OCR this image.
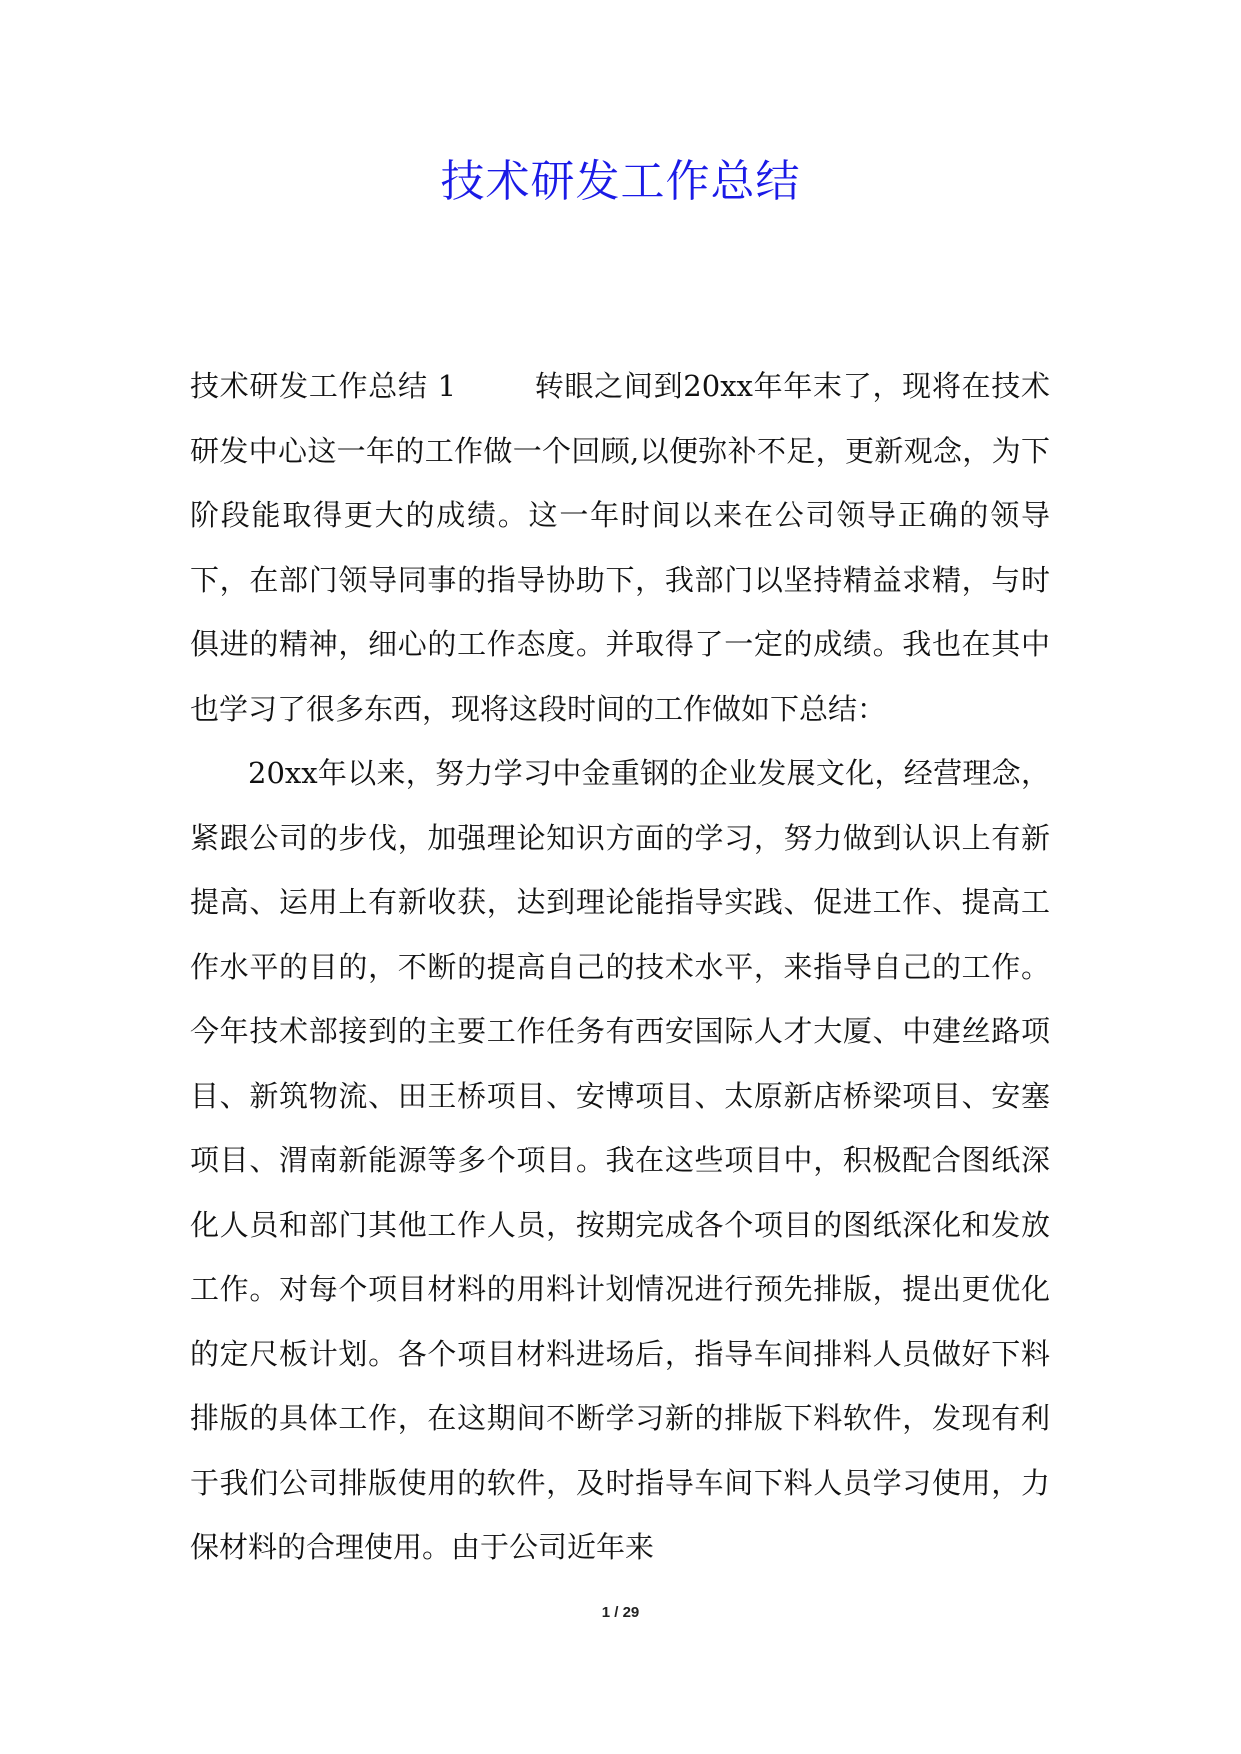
技术研发工作总结

技术研发工作总结 1	转眼之间到20xx年年末了，现将在技术研发中心这一年的工作做一个回顾,以便弥补不足，更新观念，为下阶段能取得更大的成绩。这一年时间以来在公司领导正确的领导下，在部门领导同事的指导协助下，我部门以坚持精益求精，与时俱进的精神，细心的工作态度。并取得了一定的成绩。我也在其中也学习了很多东西，现将这段时间的工作做如下总结：

20xx年以来，努力学习中金重钢的企业发展文化，经营理念，紧跟公司的步伐，加强理论知识方面的学习，努力做到认识上有新提高、运用上有新收获，达到理论能指导实践、促进工作、提高工作水平的目的，不断的提高自己的技术水平，来指导自己的工作。今年技术部接到的主要工作任务有西安国际人才大厦、中建丝路项目、新筑物流、田王桥项目、安博项目、太原新店桥梁项目、安塞项目、渭南新能源等多个项目。我在这些项目中，积极配合图纸深化人员和部门其他工作人员，按期完成各个项目的图纸深化和发放工作。对每个项目材料的用料计划情况进行预先排版，提出更优化的定尺板计划。各个项目材料进场后，指导车间排料人员做好下料排版的具体工作，在这期间不断学习新的排版下料软件，发现有利于我们公司排版使用的软件，及时指导车间下料人员学习使用，力保材料的合理使用。由于公司近年来

1 / 29
